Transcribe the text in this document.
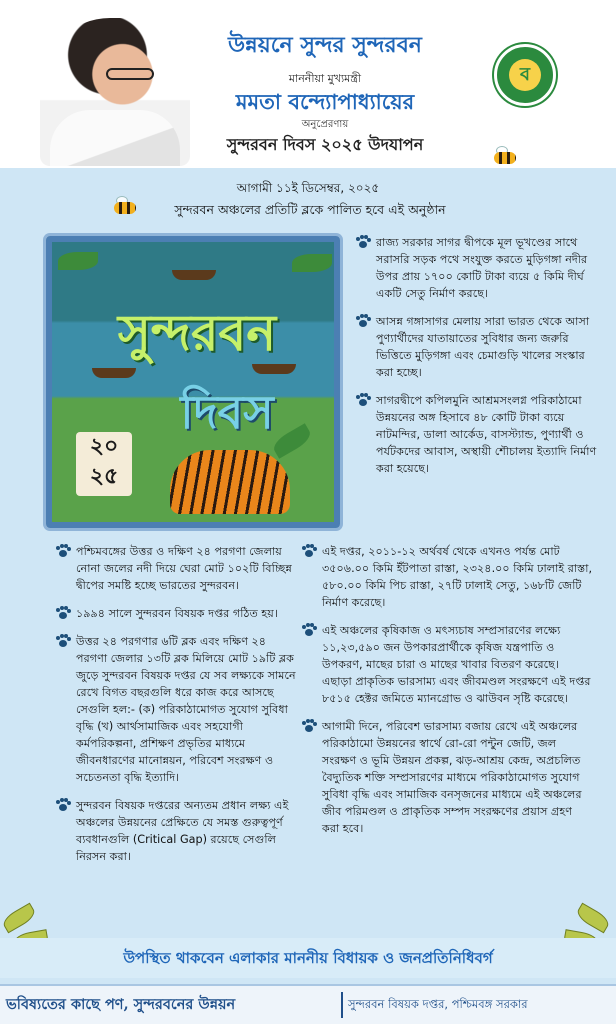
উন্নয়নে সুন্দর সুন্দরবন
মাননীয়া মুখ্যমন্ত্রী
মমতা বন্দ্যোপাধ্যায়ের
অনুপ্রেরণায়
সুন্দরবন দিবস ২০২৫ উদযাপন
ব
আগামী ১১ই ডিসেম্বর, ২০২৫
সুন্দরবন অঞ্চলের প্রতিটি ব্লকে পালিত হবে এই অনুষ্ঠান
সুন্দরবন
দিবস
২০
২৫
রাজ্য সরকার সাগর দ্বীপকে মূল ভূখণ্ডের সাথে সরাসরি সড়ক পথে সংযুক্ত করতে মুড়িগঙ্গা নদীর উপর প্রায় ১৭০০ কোটি টাকা ব্যয়ে ৫ কিমি দীর্ঘ একটি সেতু নির্মাণ করছে।
আসন্ন গঙ্গাসাগর মেলায় সারা ভারত থেকে আসা পুণ্যার্থীদের যাতায়াতের সুবিধার জন্য জরুরি ভিত্তিতে মুড়িগঙ্গা এবং চেমাগুড়ি খালের সংস্কার করা হচ্ছে।
সাগরদ্বীপে কপিলমুনি আশ্রমসংলগ্ন পরিকাঠামো উন্নয়নের অঙ্গ হিসাবে ৪৮ কোটি টাকা ব্যয়ে নাটমন্দির, ডালা আর্কেড, বাসস্ট্যান্ড, পুণ্যার্থী ও পর্যটকদের আবাস, অস্থায়ী শৌচালয় ইত্যাদি নির্মাণ করা হয়েছে।
পশ্চিমবঙ্গের উত্তর ও দক্ষিণ ২৪ পরগণা জেলায় নোনা জলের নদী দিয়ে ঘেরা মোট ১০২টি বিচ্ছিন্ন দ্বীপের সমষ্টি হচ্ছে ভারতের সুন্দরবন।
১৯৯৪ সালে সুন্দরবন বিষয়ক দপ্তর গঠিত হয়।
উত্তর ২৪ পরগণার ৬টি ব্লক এবং দক্ষিণ ২৪ পরগণা জেলার ১৩টি ব্লক মিলিয়ে মোট ১৯টি ব্লক জুড়ে সুন্দরবন বিষয়ক দপ্তর যে সব লক্ষ্যকে সামনে রেখে বিগত বছরগুলি ধরে কাজ করে আসছে সেগুলি হল:- (ক) পরিকাঠামোগত সুযোগ সুবিধা বৃদ্ধি (খ) আর্থসামাজিক এবং সহযোগী কর্মপরিকল্পনা, প্রশিক্ষণ প্রভৃতির মাধ্যমে জীবনধারণের মানোন্নয়ন, পরিবেশ সংরক্ষণ ও সচেতনতা বৃদ্ধি ইত্যাদি।
সুন্দরবন বিষয়ক দপ্তরের অন্যতম প্রধান লক্ষ্য এই অঞ্চলের উন্নয়নের প্রেক্ষিতে যে সমস্ত গুরুত্বপূর্ণ ব্যবধানগুলি (Critical Gap) রয়েছে সেগুলি নিরসন করা।
এই দপ্তর, ২০১১-১২ অর্থবর্ষ থেকে এখনও পর্যন্ত মোট ৩৫০৬.০০ কিমি ইঁটপাতা রাস্তা, ২৩২৪.০০ কিমি ঢালাই রাস্তা, ৫৮০.০০ কিমি পিচ রাস্তা, ২৭টি ঢালাই সেতু, ১৬৮টি জেটি নির্মাণ করেছে।
এই অঞ্চলের কৃষিকাজ ও মৎস্যচাষ সম্প্রসারণের লক্ষ্যে ১১,২৩,৫৯০ জন উপকারপ্রার্থীকে কৃষিজ যন্ত্রপাতি ও উপকরণ, মাছের চারা ও মাছের খাবার বিতরণ করেছে। এছাড়া প্রাকৃতিক ভারসাম্য এবং জীবমণ্ডল সংরক্ষণে এই দপ্তর ৮৫১৫ হেক্টর জমিতে ম্যানগ্রোভ ও ঝাউবন সৃষ্টি করেছে।
আগামী দিনে, পরিবেশ ভারসাম্য বজায় রেখে এই অঞ্চলের পরিকাঠামো উন্নয়নের স্বার্থে রো-রো পন্টুন জেটি, জল সংরক্ষণ ও ভূমি উন্নয়ন প্রকল্প, ঝড়-আশ্রয় কেন্দ্র, অপ্রচলিত বৈদ্যুতিক শক্তি সম্প্রসারণের মাধ্যমে পরিকাঠামোগত সুযোগ সুবিধা বৃদ্ধি এবং সামাজিক বনসৃজনের মাধ্যমে এই অঞ্চলের জীব পরিমণ্ডল ও প্রাকৃতিক সম্পদ সংরক্ষণের প্রয়াস গ্রহণ করা হবে।
উপস্থিত থাকবেন এলাকার মাননীয় বিধায়ক ও জনপ্রতিনিধিবর্গ
ভবিষ্যতের কাছে পণ, সুন্দরবনের উন্নয়ন	সুন্দরবন বিষয়ক দপ্তর, পশ্চিমবঙ্গ সরকার
